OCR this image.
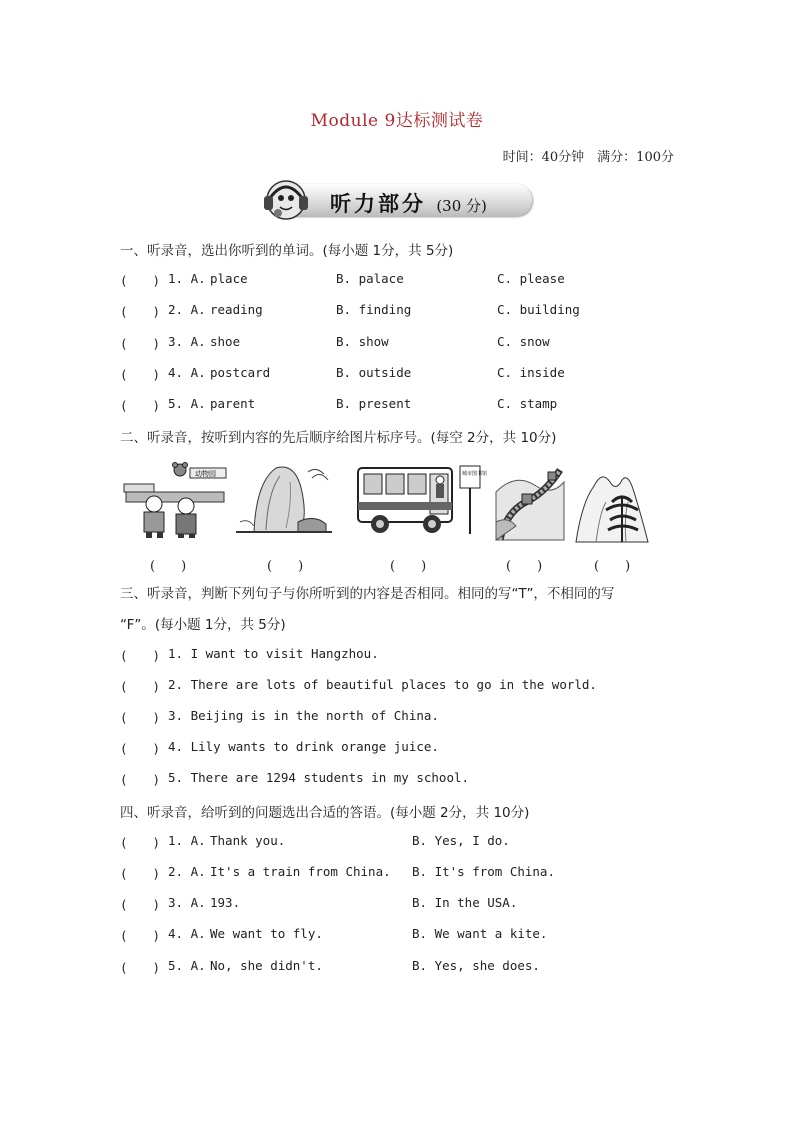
Module 9达标测试卷
时间：40分钟　满分：100分
听力部分 (30 分)
一、听录音，选出你听到的单词。(每小题 1分，共 5分)
(　　) 1. A. place	B. palace	C. please
(　　) 2. A. reading	B. finding	C. building
(　　) 3. A. shoe	B. show	C. snow
(　　) 4. A. postcard	B. outside	C. inside
(　　) 5. A. parent	B. present	C. stamp
二、听录音，按听到内容的先后顺序给图片标序号。(每空 2分，共 10分)
动物园	城市图书馆
(　　)	(　　)	(　　)	(　　)	(　　)
三、听录音，判断下列句子与你所听到的内容是否相同。相同的写“T”，不相同的写
“F”。(每小题 1分，共 5分)
(　　) 1. I want to visit Hangzhou.
(　　) 2. There are lots of beautiful places to go in the world.
(　　) 3. Beijing is in the north of China.
(　　) 4. Lily wants to drink orange juice.
(　　) 5. There are 1294 students in my school.
四、听录音，给听到的问题选出合适的答语。(每小题 2分，共 10分)
(　　) 1. A. Thank you.	B. Yes, I do.
(　　) 2. A. It's a train from China. B. It's from China.
(　　) 3. A. 193.	B. In the USA.
(　　) 4. A. We want to fly.	B. We want a kite.
(　　) 5. A. No, she didn't.	B. Yes, she does.
